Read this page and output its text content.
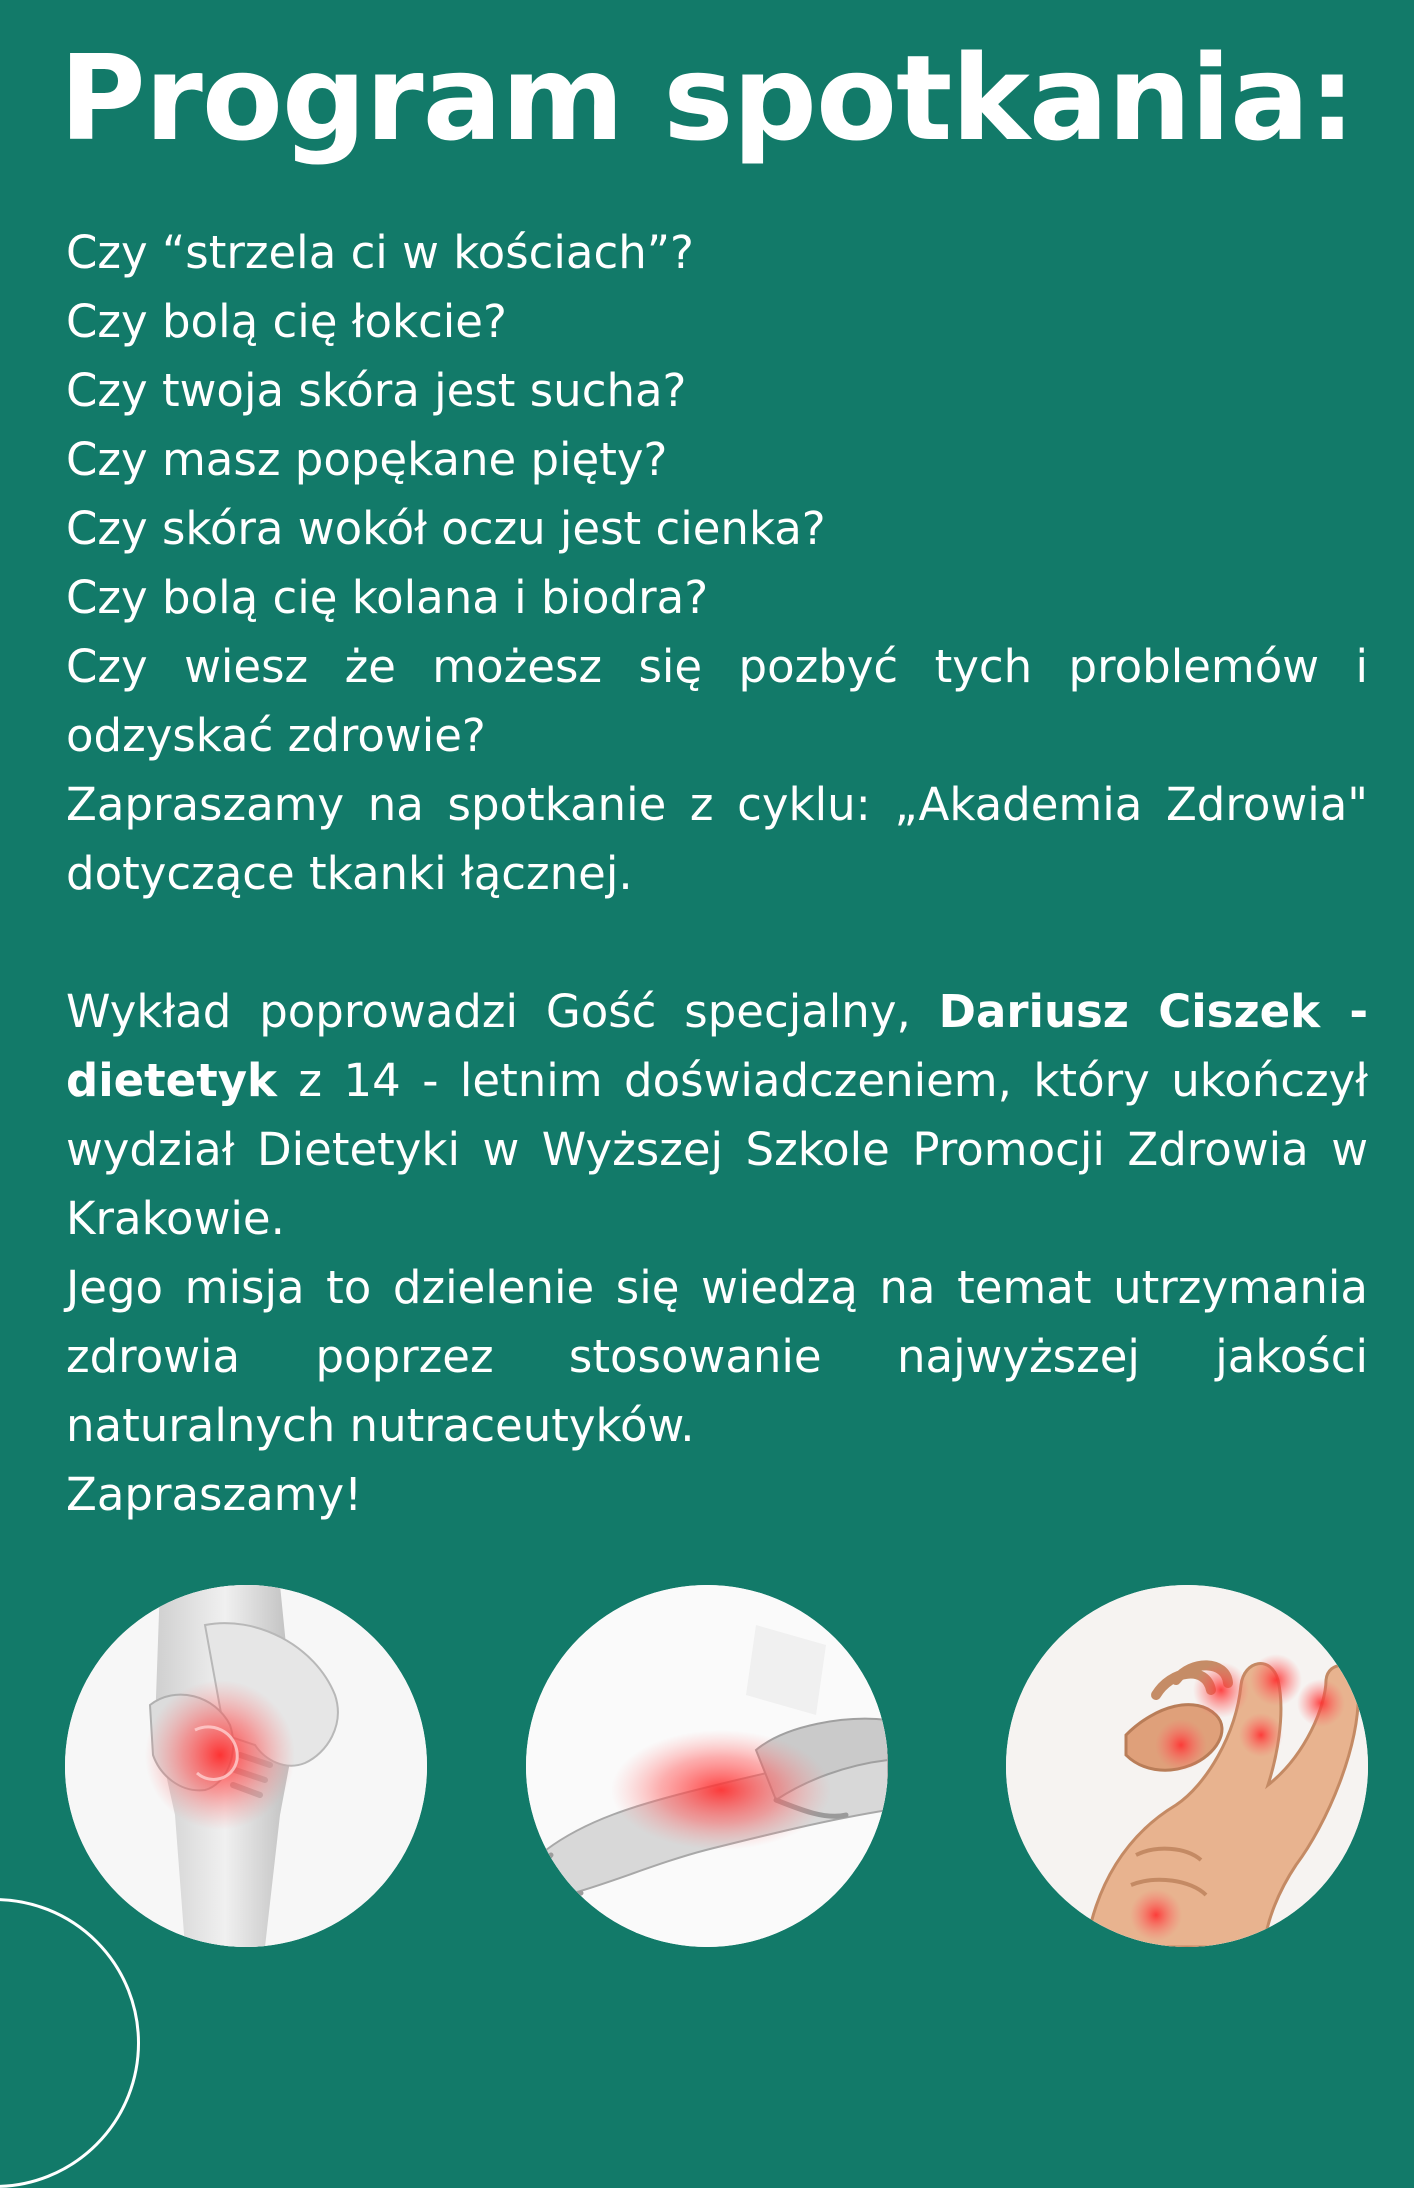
Program spotkania:
Czy “strzela ci w kościach”?
Czy bolą cię łokcie?
Czy twoja skóra jest sucha?
Czy masz popękane pięty?
Czy skóra wokół oczu jest cienka?
Czy bolą cię kolana i biodra?
Czy wiesz że możesz się pozbyć tych problemów i odzyskać zdrowie?
Zapraszamy na spotkanie z cyklu: „Akademia Zdrowia" dotyczące tkanki łącznej.
Wykład poprowadzi Gość specjalny, Dariusz Ciszek - dietetyk z 14 - letnim doświadczeniem, który ukończył wydział Dietetyki w Wyższej Szkole Promocji Zdrowia w Krakowie.
Jego misja to dzielenie się wiedzą na temat utrzymania zdrowia poprzez stosowanie najwyższej jakości naturalnych nutraceutyków.
Zapraszamy!
